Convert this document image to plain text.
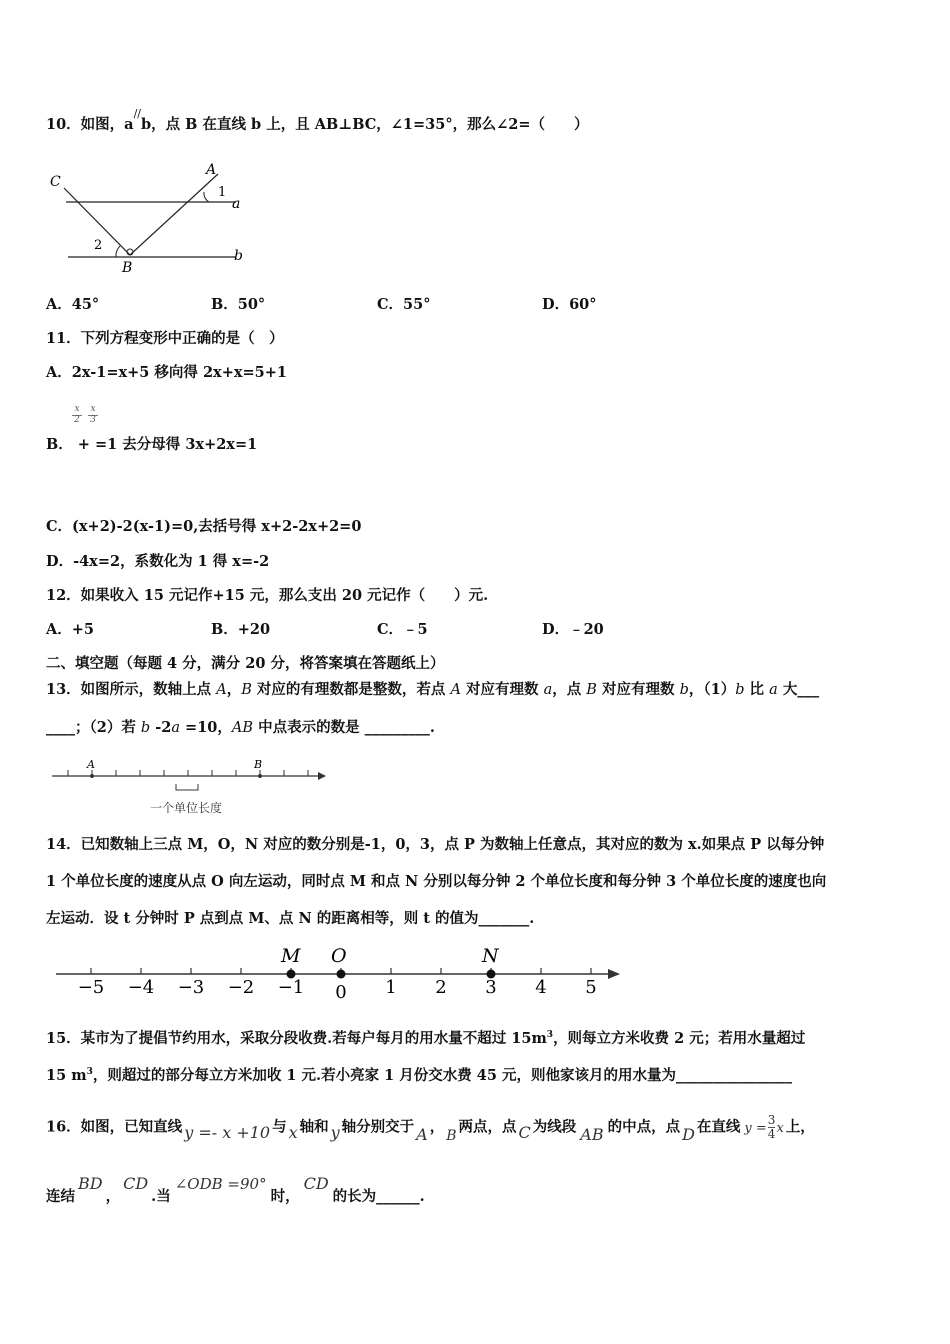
10．如图，a//b，点 B 在直线 b 上，且 AB⊥BC，∠1=35°，那么∠2=（　　）
C
A
1
a
2
B
b
A．45°	B．50°	C．55°	D．60°
11．下列方程变形中正确的是（　）
A．2x-1=x+5 移向得 2x+x=5+1
$\frac{x}{2} \frac{x}{3}$
B． + =1 去分母得 3x+2x=1
C．(x+2)-2(x-1)=0,去括号得 x+2-2x+2=0
D．-4x=2，系数化为 1 得 x=-2
12．如果收入 15 元记作+15 元，那么支出 20 元记作（　　）元.
A．+5	B．+20	C．﹣5	D．﹣20
二、填空题（每题 4 分，满分 20 分，将答案填在答题纸上）
13．如图所示，数轴上点 A，B 对应的有理数都是整数，若点 A 对应有理数 a，点 B 对应有理数 b，（1）b 比 a 大___
____；（2）若 b -2a =10，AB 中点表示的数是 _________.
A	B
一个单位长度
14．已知数轴上三点 M，O，N 对应的数分别是-1，0，3，点 P 为数轴上任意点，其对应的数为 x.如果点 P 以每分钟
1 个单位长度的速度从点 O 向左运动，同时点 M 和点 N 分别以每分钟 2 个单位长度和每分钟 3 个单位长度的速度也向
左运动．设 t 分钟时 P 点到点 M、点 N 的距离相等，则 t 的值为_______.
M O	N
−5 −4 −3 −2 −1 0 1 2 3 4 5
15．某市为了提倡节约用水，采取分段收费.若每户每月的用水量不超过 $15m^3$，则每立方米收费 2 元；若用水量超过
15 $m^3$，则超过的部分每立方米加收 1 元.若小亮家 1 月份交水费 45 元，则他家该月的用水量为________________
16．如图，已知直线 y =- x +10 与 x 轴和 y 轴分别交于 A ， B 两点，点 C 为线段 AB 的中点，点 D 在直线 $y = \frac{3}{4}$ x 上，
连结BD，CD.当∠ODB =90°时，CD的长为______.
